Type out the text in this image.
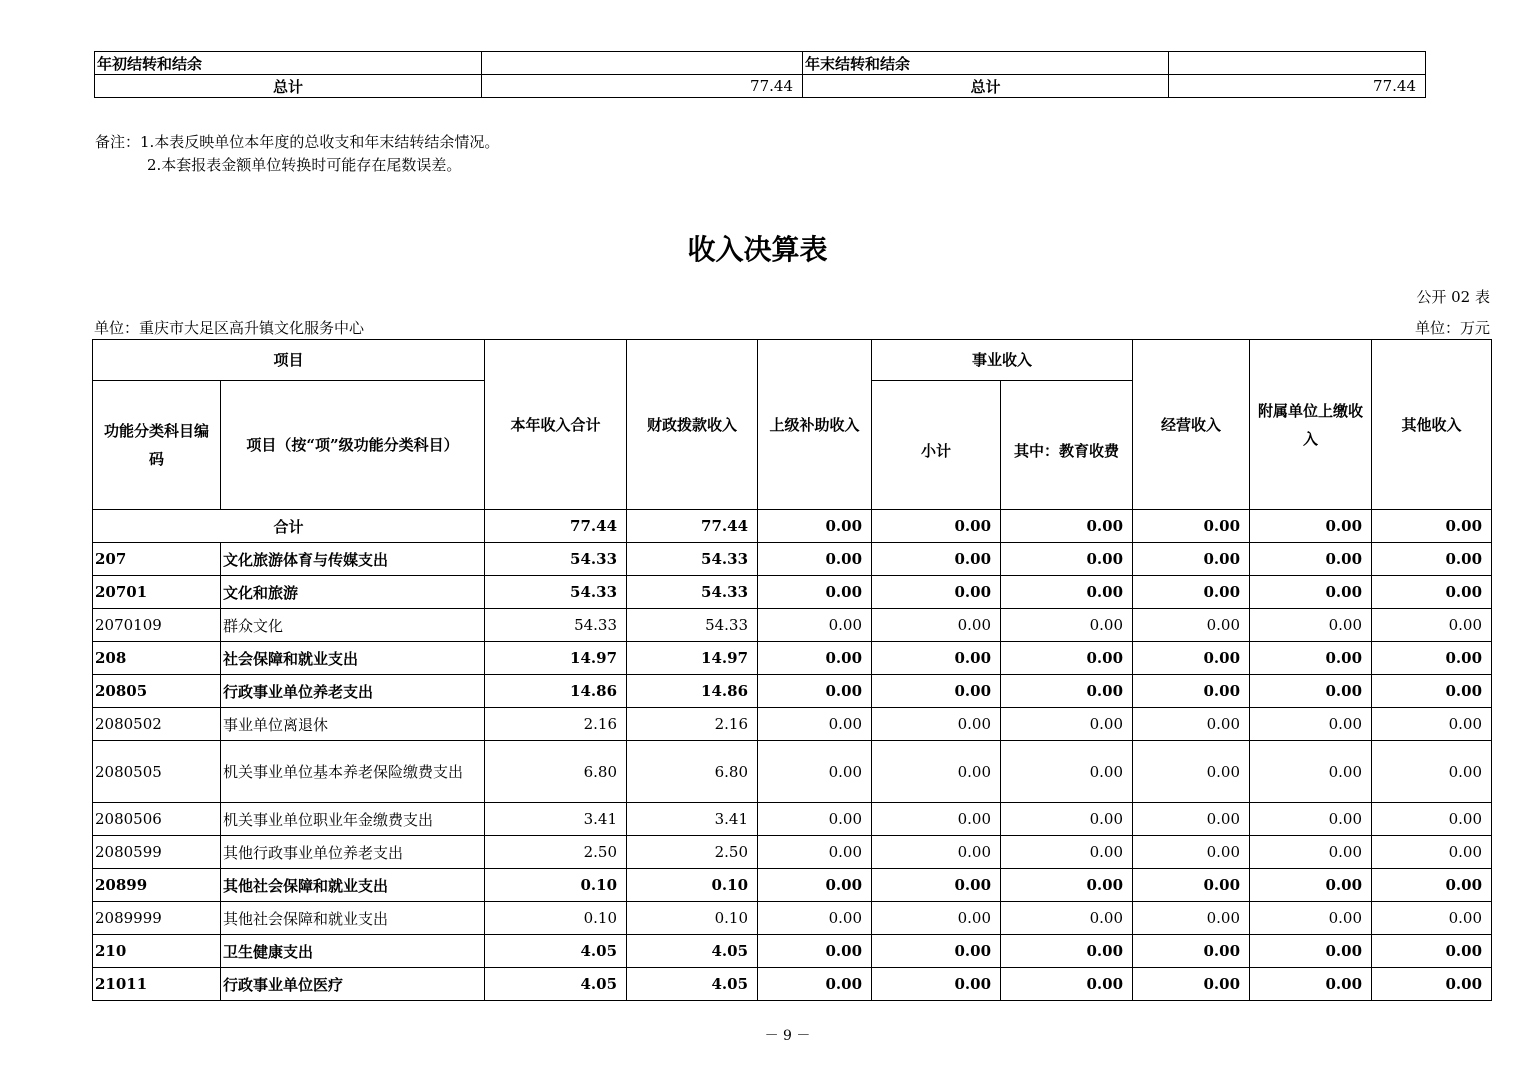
年初结转和结余		年末结转和结余	
总计	77.44	总计	77.44
备注：1.本表反映单位本年度的总收支和年末结转结余情况。
2.本套报表金额单位转换时可能存在尾数误差。
收入决算表
公开 02 表
单位：重庆市大足区高升镇文化服务中心	单位：万元
项目		本年收入合计	财政拨款收入	上级补助收入	事业收入		经营收入	附属单位上缴收入	其他收入
功能分类科目编码	项目（按“项”级功能分类科目）				小计	其中：教育收费			
合计		77.44	77.44	0.00	0.00	0.00	0.00	0.00	0.00
207	文化旅游体育与传媒支出	54.33	54.33	0.00	0.00	0.00	0.00	0.00	0.00
20701	文化和旅游	54.33	54.33	0.00	0.00	0.00	0.00	0.00	0.00
2070109	群众文化	54.33	54.33	0.00	0.00	0.00	0.00	0.00	0.00
208	社会保障和就业支出	14.97	14.97	0.00	0.00	0.00	0.00	0.00	0.00
20805	行政事业单位养老支出	14.86	14.86	0.00	0.00	0.00	0.00	0.00	0.00
2080502	事业单位离退休	2.16	2.16	0.00	0.00	0.00	0.00	0.00	0.00
2080505	机关事业单位基本养老保险缴费支出	6.80	6.80	0.00	0.00	0.00	0.00	0.00	0.00
2080506	机关事业单位职业年金缴费支出	3.41	3.41	0.00	0.00	0.00	0.00	0.00	0.00
2080599	其他行政事业单位养老支出	2.50	2.50	0.00	0.00	0.00	0.00	0.00	0.00
20899	其他社会保障和就业支出	0.10	0.10	0.00	0.00	0.00	0.00	0.00	0.00
2089999	其他社会保障和就业支出	0.10	0.10	0.00	0.00	0.00	0.00	0.00	0.00
210	卫生健康支出	4.05	4.05	0.00	0.00	0.00	0.00	0.00	0.00
21011	行政事业单位医疗	4.05	4.05	0.00	0.00	0.00	0.00	0.00	0.00
－ 9 －
